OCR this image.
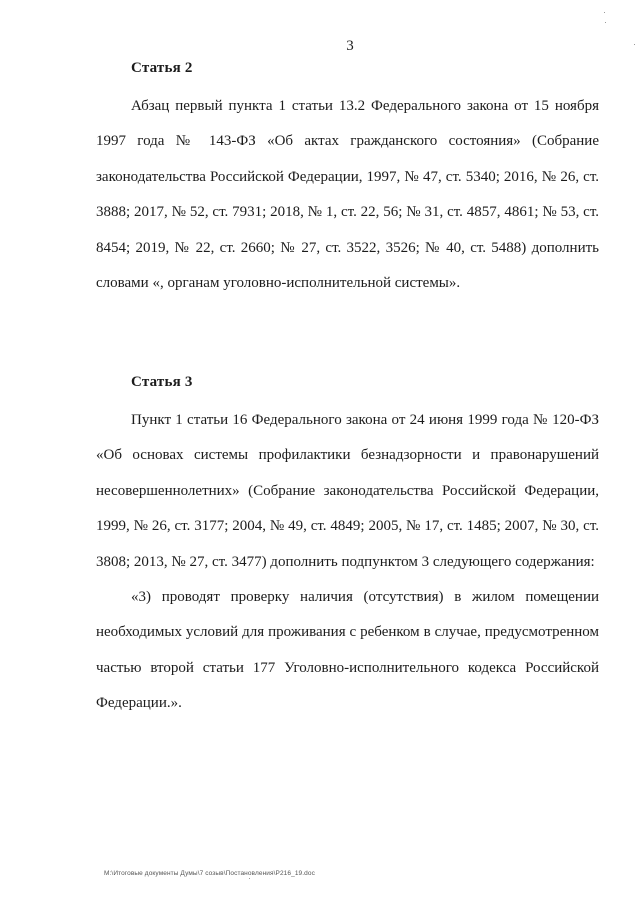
3
Статья 2

Абзац первый пункта 1 статьи 13.2 Федерального закона от 15 ноября 1997 года № 143-ФЗ «Об актах гражданского состояния» (Собрание законодательства Российской Федерации, 1997, № 47, ст. 5340; 2016, № 26, ст. 3888; 2017, № 52, ст. 7931; 2018, № 1, ст. 22, 56; № 31, ст. 4857, 4861; № 53, ст. 8454; 2019, № 22, ст. 2660; № 27, ст. 3522, 3526; № 40, ст. 5488) дополнить словами «, органам уголовно-исполнительной системы».

Статья 3

Пункт 1 статьи 16 Федерального закона от 24 июня 1999 года № 120-ФЗ «Об основах системы профилактики безнадзорности и правонарушений несовершеннолетних» (Собрание законодательства Российской Федерации, 1999, № 26, ст. 3177; 2004, № 49, ст. 4849; 2005, № 17, ст. 1485; 2007, № 30, ст. 3808; 2013, № 27, ст. 3477) дополнить подпунктом 3 следующего содержания:

«3) проводят проверку наличия (отсутствия) в жилом помещении необходимых условий для проживания с ребенком в случае, предусмотренном частью второй статьи 177 Уголовно-исполнительного кодекса Российской Федерации.».

M:\Итоговые документы Думы\7 созыв\Постановления\P216_19.doc
